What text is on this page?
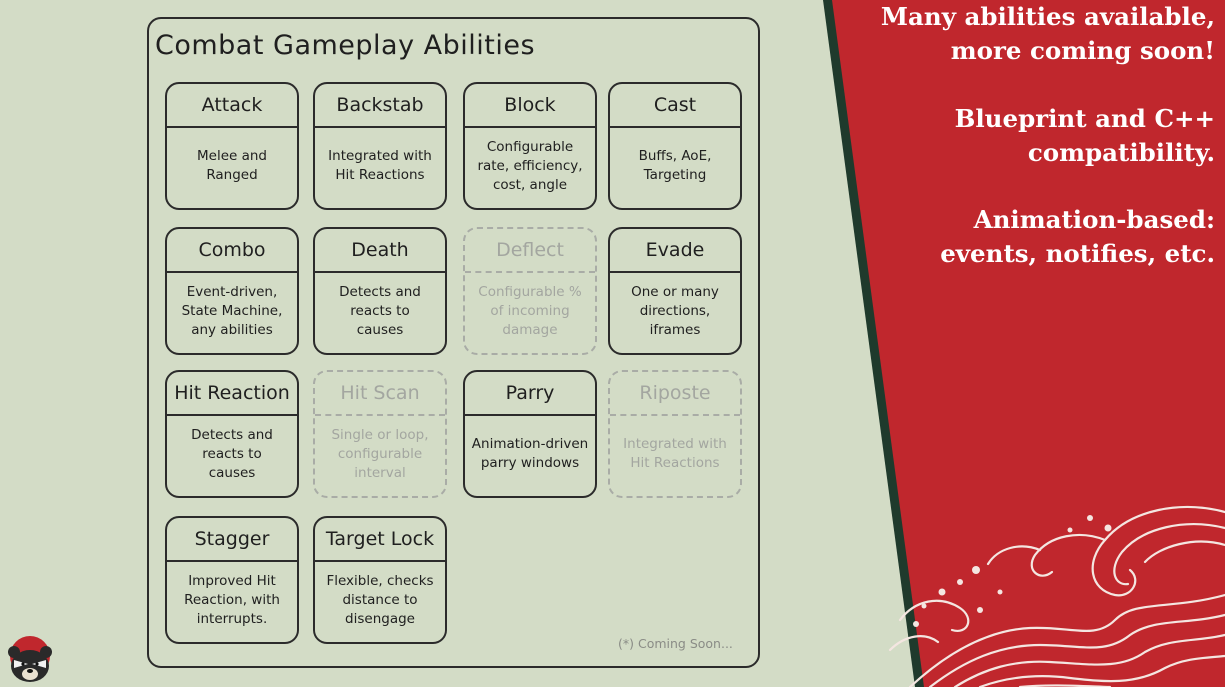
Many abilities available,
more coming soon!
Blueprint and C++
compatibility.
Animation-based:
events, notifies, etc.
Combat Gameplay Abilities
Attack
Melee and
Ranged
Backstab
Integrated with
Hit Reactions
Block
Configurable
rate, efficiency,
cost, angle
Cast
Buffs, AoE,
Targeting
Combo
Event-driven,
State Machine,
any abilities
Death
Detects and
reacts to
causes
Deflect
Configurable %
of incoming
damage
Evade
One or many
directions,
iframes
Hit Reaction
Detects and
reacts to
causes
Hit Scan
Single or loop,
configurable
interval
Parry
Animation-driven
parry windows
Riposte
Integrated with
Hit Reactions
Stagger
Improved Hit
Reaction, with
interrupts.
Target Lock
Flexible, checks
distance to
disengage
(*) Coming Soon...
